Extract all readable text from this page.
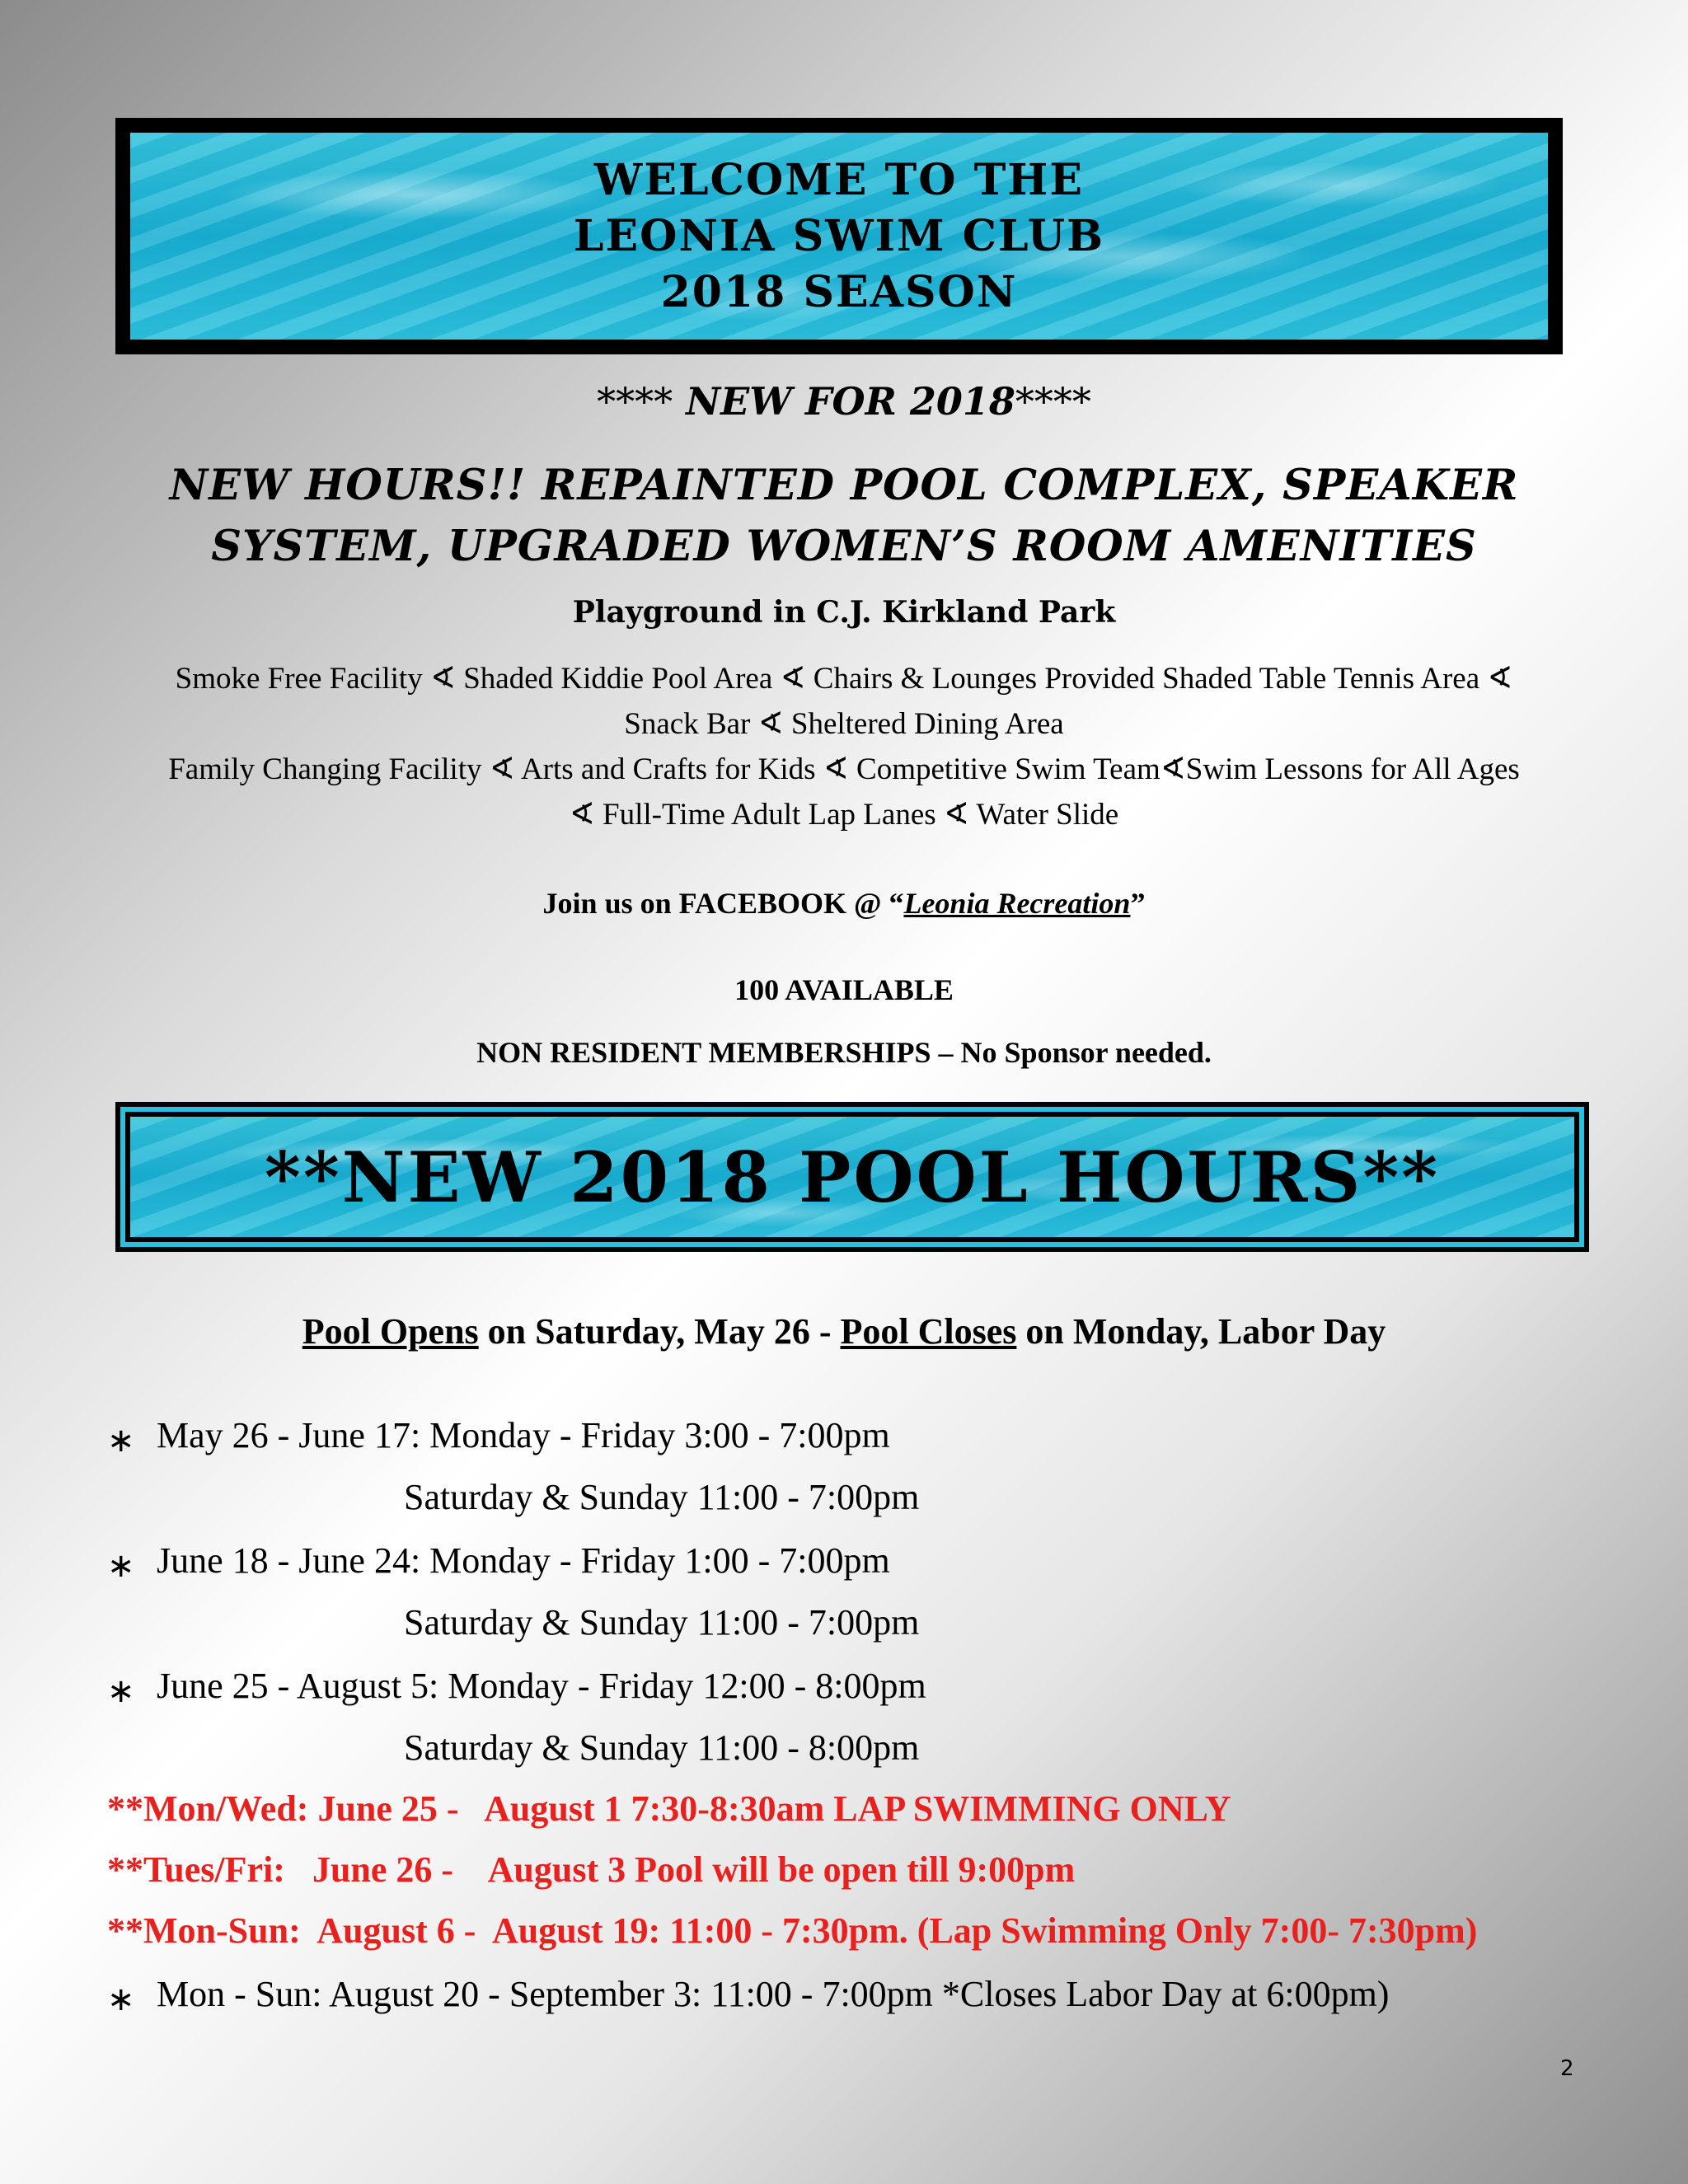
WELCOME TO THE
LEONIA SWIM CLUB
2018 SEASON
**** NEW FOR 2018****
NEW HOURS!! REPAINTED POOL COMPLEX, SPEAKER
SYSTEM, UPGRADED WOMEN’S ROOM AMENITIES
Playground in C.J. Kirkland Park
Smoke Free Facility ∢ Shaded Kiddie Pool Area ∢ Chairs & Lounges Provided Shaded Table Tennis Area ∢
Snack Bar ∢ Sheltered Dining Area
Family Changing Facility ∢ Arts and Crafts for Kids ∢ Competitive Swim Team∢Swim Lessons for All Ages
∢ Full-Time Adult Lap Lanes ∢ Water Slide
Join us on FACEBOOK @ “Leonia Recreation”
100 AVAILABLE
NON RESIDENT MEMBERSHIPS – No Sponsor needed.
**NEW 2018 POOL HOURS**
Pool Opens on Saturday, May 26 - Pool Closes on Monday, Labor Day
∗ May 26 - June 17: Monday - Friday 3:00 - 7:00pm
Saturday & Sunday 11:00 - 7:00pm
∗ June 18 - June 24: Monday - Friday 1:00 - 7:00pm
Saturday & Sunday 11:00 - 7:00pm
∗ June 25 - August 5: Monday - Friday 12:00 - 8:00pm
Saturday & Sunday 11:00 - 8:00pm
**Mon/Wed: June 25 -   August 1 7:30-8:30am LAP SWIMMING ONLY
**Tues/Fri:   June 26 -    August 3 Pool will be open till 9:00pm
**Mon-Sun:  August 6 -  August 19: 11:00 - 7:30pm. (Lap Swimming Only 7:00- 7:30pm)
∗ Mon - Sun: August 20 - September 3: 11:00 - 7:00pm *Closes Labor Day at 6:00pm)
2
